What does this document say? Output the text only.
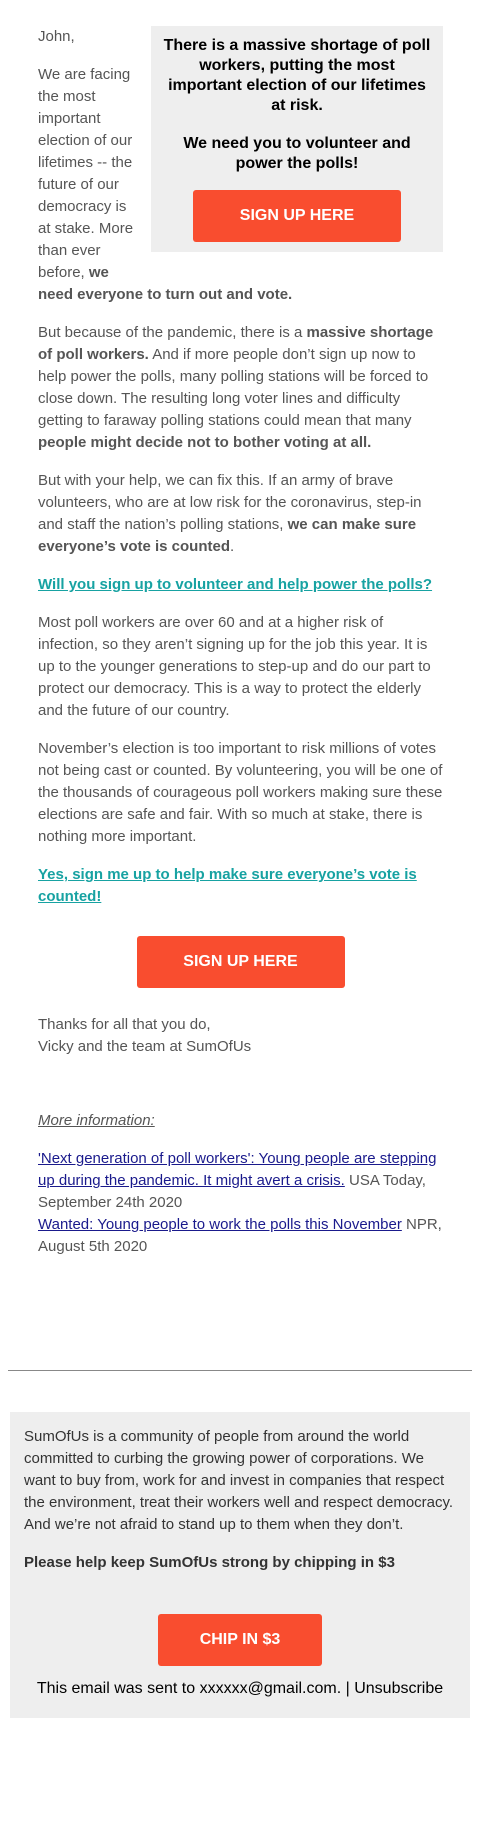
There is a massive shortage of poll workers, putting the most important election of our lifetimes at risk.

We need you to volunteer and power the polls!

SIGN UP HERE

John,

We are facing the most important election of our lifetimes -- the future of our democracy is at stake. More than ever before, we need everyone to turn out and vote.

But because of the pandemic, there is a massive shortage of poll workers. And if more people don’t sign up now to help power the polls, many polling stations will be forced to close down. The resulting long voter lines and difficulty getting to faraway polling stations could mean that many people might decide not to bother voting at all.

But with your help, we can fix this. If an army of brave volunteers, who are at low risk for the coronavirus, step-in and staff the nation’s polling stations, we can make sure everyone’s vote is counted.

Will you sign up to volunteer and help power the polls?

Most poll workers are over 60 and at a higher risk of infection, so they aren’t signing up for the job this year. It is up to the younger generations to step-up and do our part to protect our democracy. This is a way to protect the elderly and the future of our country.

November’s election is too important to risk millions of votes not being cast or counted. By volunteering, you will be one of the thousands of courageous poll workers making sure these elections are safe and fair. With so much at stake, there is nothing more important.

Yes, sign me up to help make sure everyone’s vote is counted!

SIGN UP HERE

Thanks for all that you do,

Vicky and the team at SumOfUs

More information:

'Next generation of poll workers': Young people are stepping up during the pandemic. It might avert a crisis. USA Today, September 24th 2020

Wanted: Young people to work the polls this November NPR, August 5th 2020

SumOfUs is a community of people from around the world committed to curbing the growing power of corporations. We want to buy from, work for and invest in companies that respect the environment, treat their workers well and respect democracy. And we’re not afraid to stand up to them when they don’t.

Please help keep SumOfUs strong by chipping in $3

CHIP IN $3

This email was sent to xxxxxx@gmail.com. | Unsubscribe
